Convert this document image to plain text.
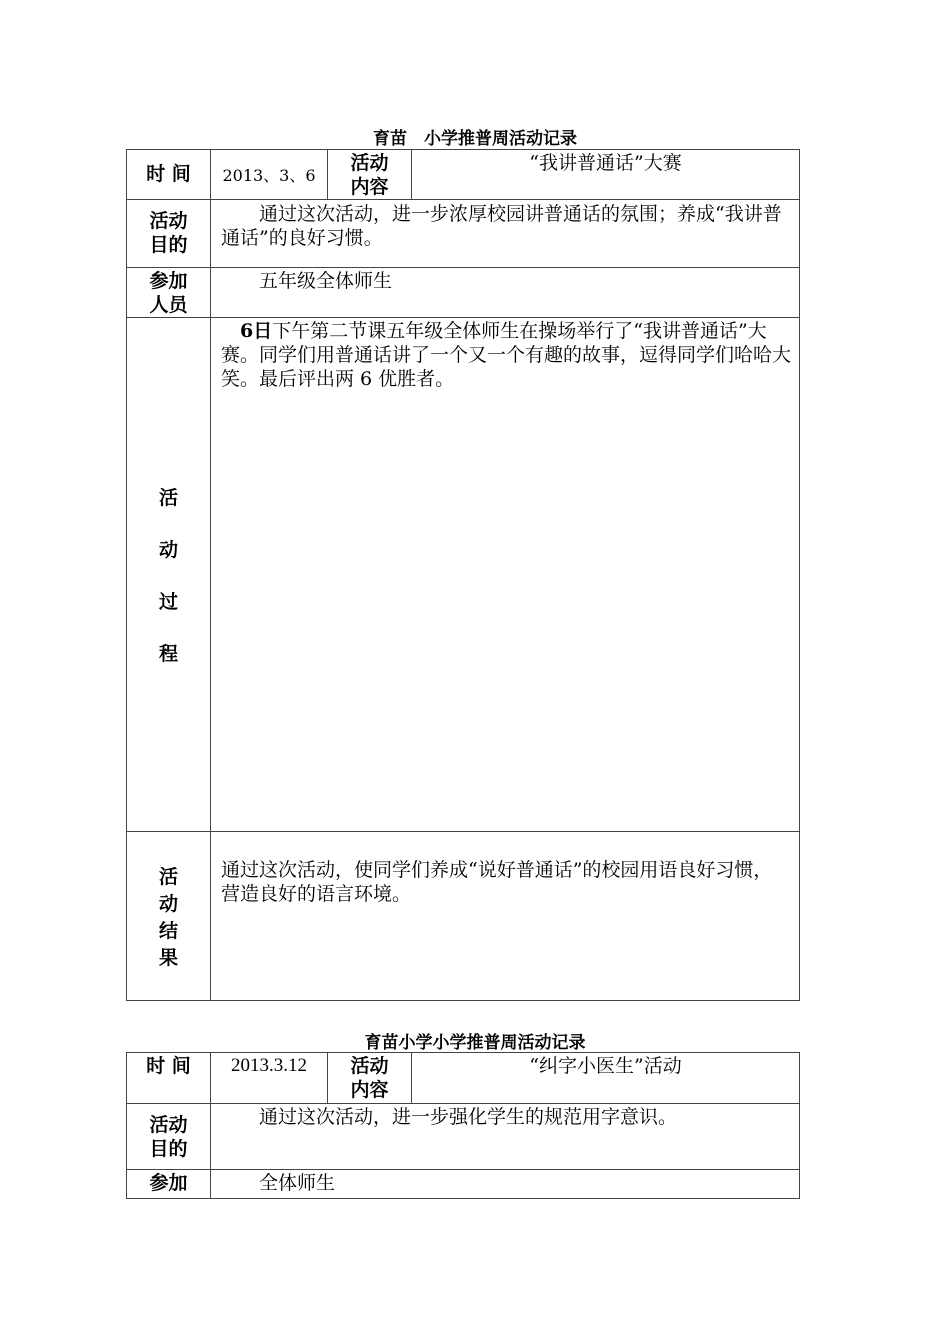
育苗　小学推普周活动记录
时 间	2013、3、6	活动
内容	“我讲普通话”大赛

活动
目的	通过这次活动，进一步浓厚校园讲普通话的氛围；养成“我讲普通话”的良好习惯。		

参加
人员	五年级全体师生		

活
动
过
程	6日下午第二节课五年级全体师生在操场举行了“我讲普通话”大赛。同学们用普通话讲了一个又一个有趣的故事，逗得同学们哈哈大笑。最后评出两 6 优胜者。		

活
动
结
果	通过这次活动，使同学们养成“说好普通话”的校园用语良好习惯，营造良好的语言环境。		
育苗小学小学推普周活动记录
时 间	2013.3.12	活动
内容	“纠字小医生”活动

活动
目的	通过这次活动，进一步强化学生的规范用字意识。		
参加	全体师生		
